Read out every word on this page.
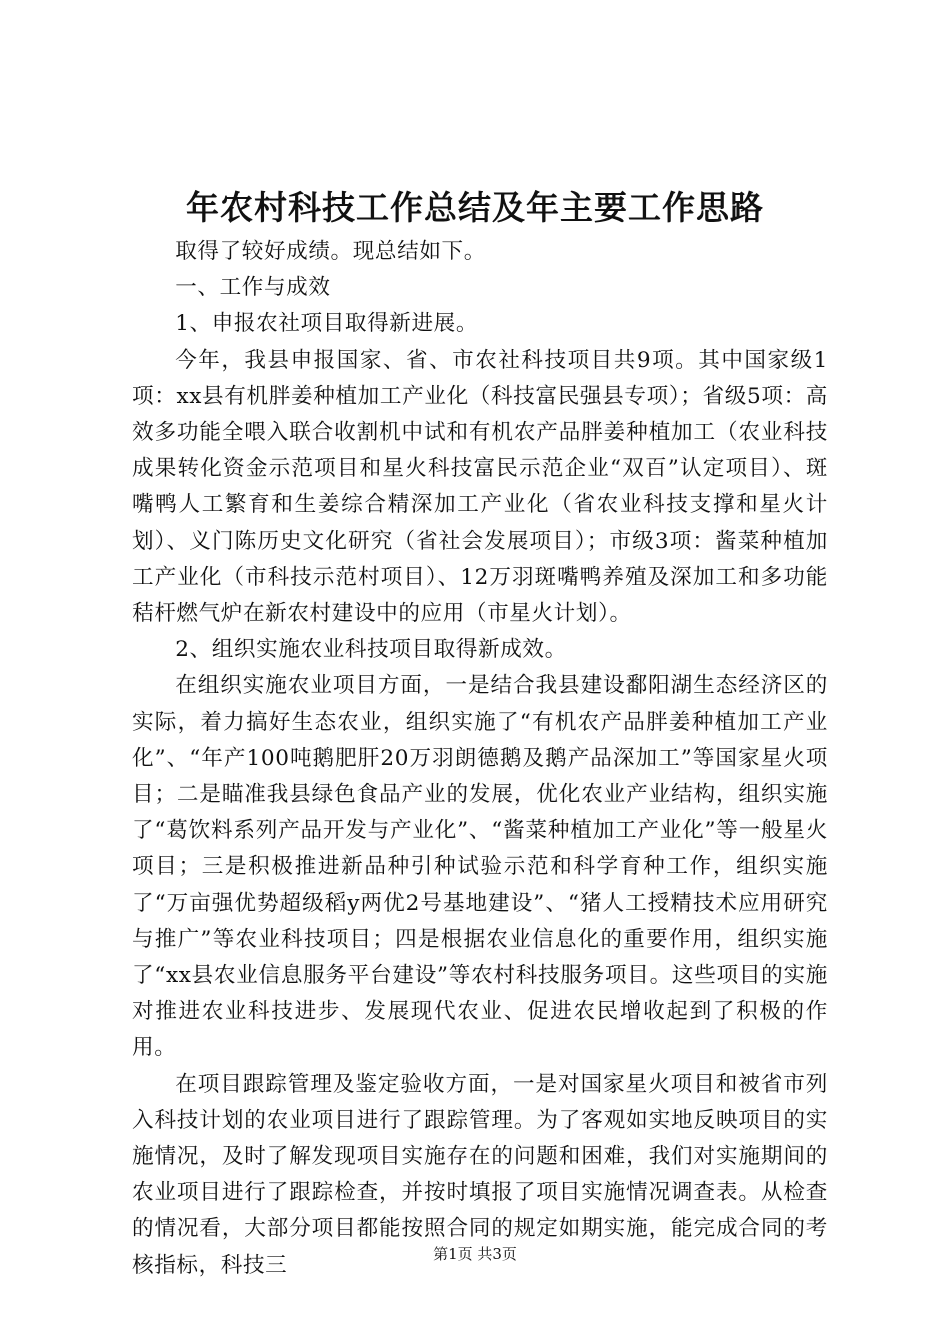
年农村科技工作总结及年主要工作思路

取得了较好成绩。现总结如下。

一、工作与成效

1、申报农社项目取得新进展。

今年，我县申报国家、省、市农社科技项目共9项。其中国家级1项：xx县有机胖姜种植加工产业化（科技富民强县专项）；省级5项：高效多功能全喂入联合收割机中试和有机农产品胖姜种植加工（农业科技成果转化资金示范项目和星火科技富民示范企业“双百”认定项目）、斑嘴鸭人工繁育和生姜综合精深加工产业化（省农业科技支撑和星火计划）、义门陈历史文化研究（省社会发展项目）；市级3项：酱菜种植加工产业化（市科技示范村项目）、12万羽斑嘴鸭养殖及深加工和多功能秸杆燃气炉在新农村建设中的应用（市星火计划）。

2、组织实施农业科技项目取得新成效。

在组织实施农业项目方面，一是结合我县建设鄱阳湖生态经济区的实际，着力搞好生态农业，组织实施了“有机农产品胖姜种植加工产业化”、“年产100吨鹅肥肝20万羽朗德鹅及鹅产品深加工”等国家星火项目；二是瞄准我县绿色食品产业的发展，优化农业产业结构，组织实施了“葛饮料系列产品开发与产业化”、“酱菜种植加工产业化”等一般星火项目；三是积极推进新品种引种试验示范和科学育种工作，组织实施了“万亩强优势超级稻y两优2号基地建设”、“猪人工授精技术应用研究与推广”等农业科技项目；四是根据农业信息化的重要作用，组织实施了“xx县农业信息服务平台建设”等农村科技服务项目。这些项目的实施对推进农业科技进步、发展现代农业、促进农民增收起到了积极的作用。

在项目跟踪管理及鉴定验收方面，一是对国家星火项目和被省市列入科技计划的农业项目进行了跟踪管理。为了客观如实地反映项目的实施情况，及时了解发现项目实施存在的问题和困难，我们对实施期间的农业项目进行了跟踪检查，并按时填报了项目实施情况调查表。从检查的情况看，大部分项目都能按照合同的规定如期实施，能完成合同的考核指标，科技三	第1页 共3页
